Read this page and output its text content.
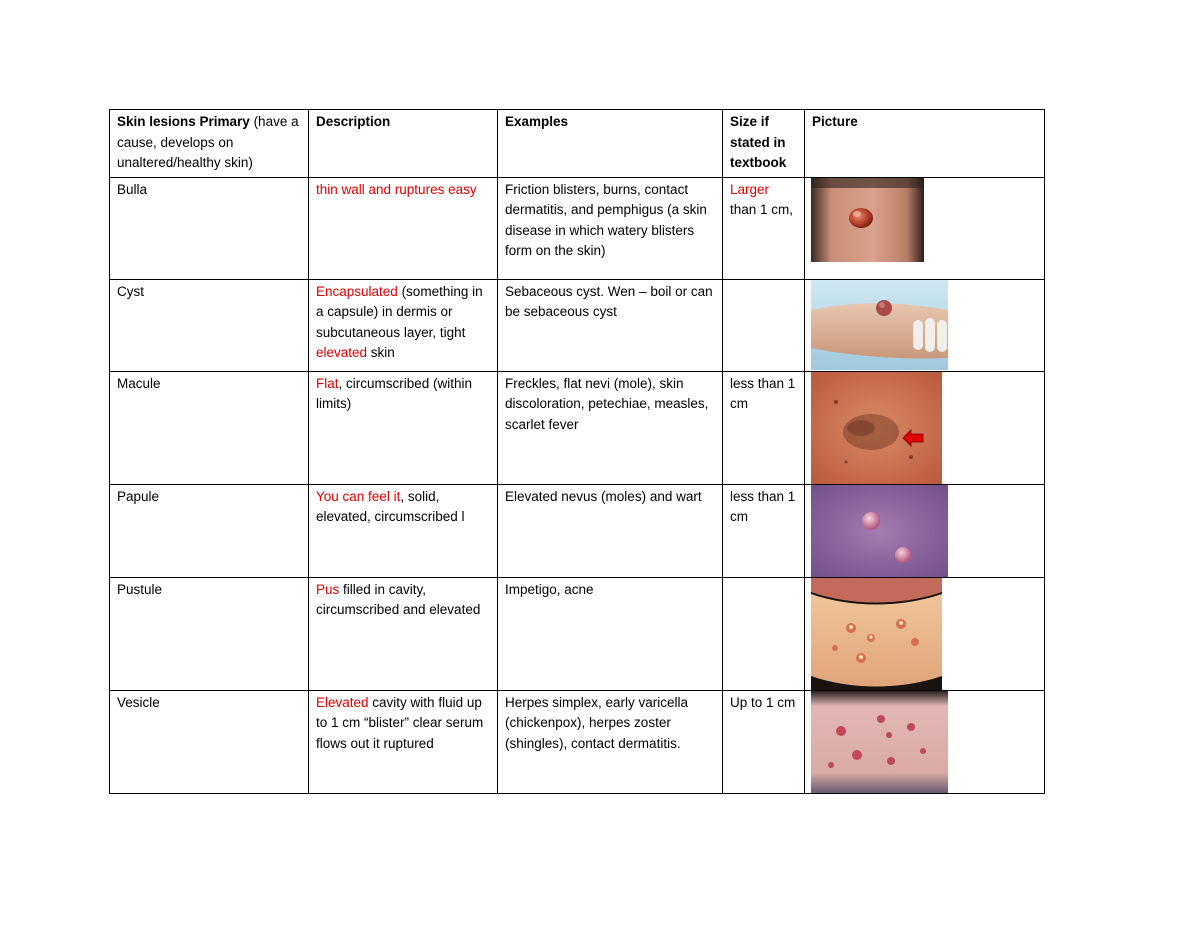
Skin lesions Primary (have a cause, develops on unaltered/healthy skin)	Description	Examples	Size if stated in textbook	Picture
Bulla	thin wall and ruptures easy	Friction blisters, burns, contact dermatitis, and pemphigus (a skin disease in which watery blisters form on the skin)	Larger than 1 cm,	

Cyst	Encapsulated (something in a capsule) in dermis or subcutaneous layer, tight elevated skin	Sebaceous cyst. Wen – boil or can be sebaceous cyst		

Macule	Flat, circumscribed (within limits)	Freckles, flat nevi (mole), skin discoloration, petechiae, measles, scarlet fever	less than 1 cm	

Papule	You can feel it, solid, elevated, circumscribed l	Elevated nevus (moles) and wart	less than 1 cm	

Pustule	Pus filled in cavity, circumscribed and elevated	Impetigo, acne		

Vesicle	Elevated cavity with fluid up to 1 cm “blister” clear serum flows out it ruptured	Herpes simplex, early varicella (chickenpox), herpes zoster (shingles), contact dermatitis.	Up to 1 cm	
